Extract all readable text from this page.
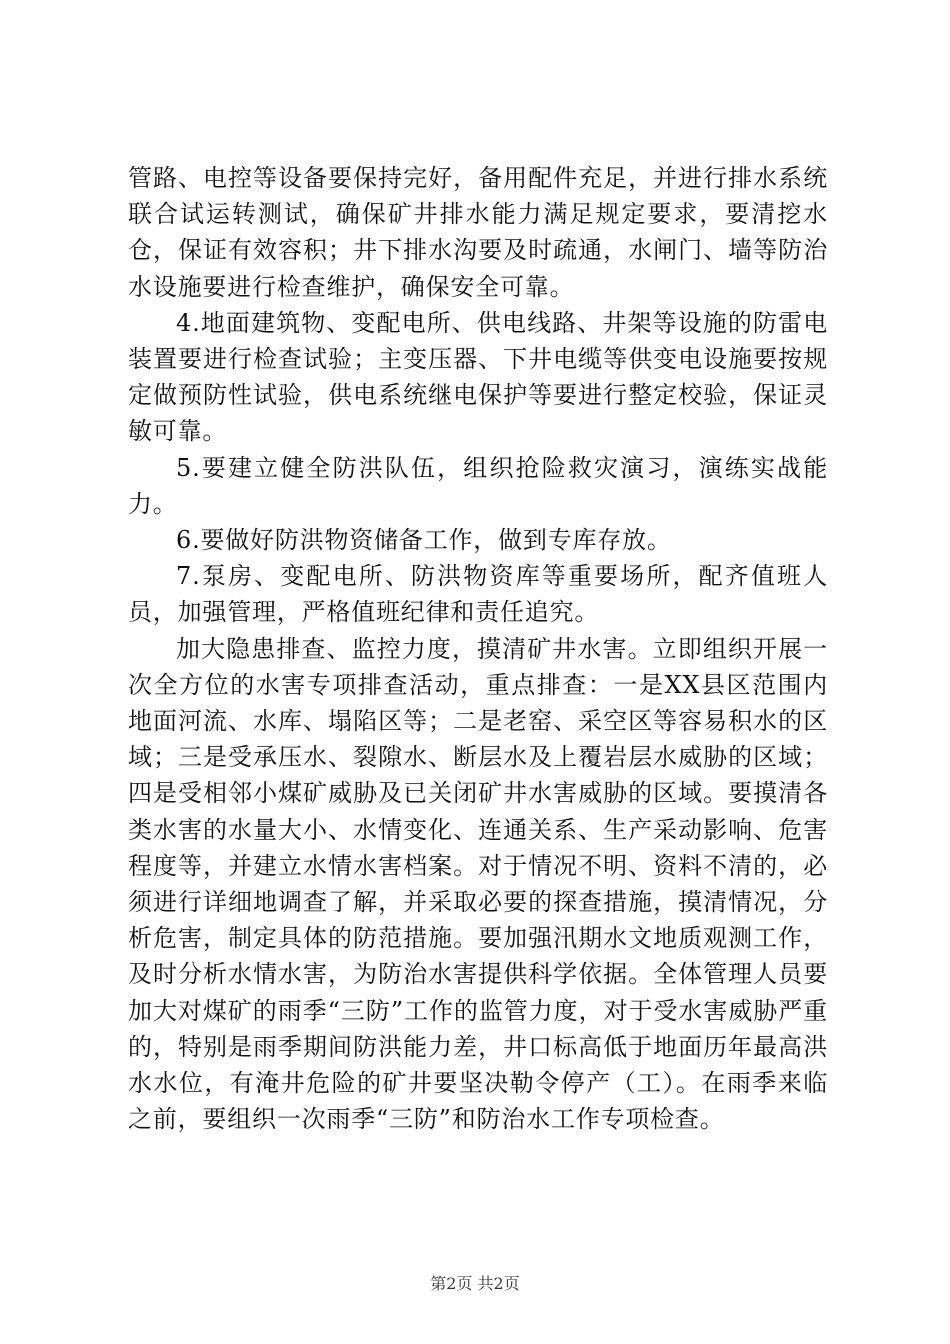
管路、电控等设备要保持完好，备用配件充足，并进行排水系统联合试运转测试，确保矿井排水能力满足规定要求，要清挖水仓，保证有效容积；井下排水沟要及时疏通，水闸门、墙等防治水设施要进行检查维护，确保安全可靠。

4.地面建筑物、变配电所、供电线路、井架等设施的防雷电装置要进行检查试验；主变压器、下井电缆等供变电设施要按规定做预防性试验，供电系统继电保护等要进行整定校验，保证灵敏可靠。

5.要建立健全防洪队伍，组织抢险救灾演习，演练实战能力。

6.要做好防洪物资储备工作，做到专库存放。

7.泵房、变配电所、防洪物资库等重要场所，配齐值班人员，加强管理，严格值班纪律和责任追究。

加大隐患排查、监控力度，摸清矿井水害。立即组织开展一次全方位的水害专项排查活动，重点排查：一是XX县区范围内地面河流、水库、塌陷区等；二是老窑、采空区等容易积水的区域；三是受承压水、裂隙水、断层水及上覆岩层水威胁的区域；四是受相邻小煤矿威胁及已关闭矿井水害威胁的区域。要摸清各类水害的水量大小、水情变化、连通关系、生产采动影响、危害程度等，并建立水情水害档案。对于情况不明、资料不清的，必须进行详细地调查了解，并采取必要的探查措施，摸清情况，分析危害，制定具体的防范措施。要加强汛期水文地质观测工作，及时分析水情水害，为防治水害提供科学依据。全体管理人员要加大对煤矿的雨季“三防”工作的监管力度，对于受水害威胁严重的，特别是雨季期间防洪能力差，井口标高低于地面历年最高洪水水位，有淹井危险的矿井要坚决勒令停产（工）。在雨季来临之前，要组织一次雨季“三防”和防治水工作专项检查。

第2页 共2页
